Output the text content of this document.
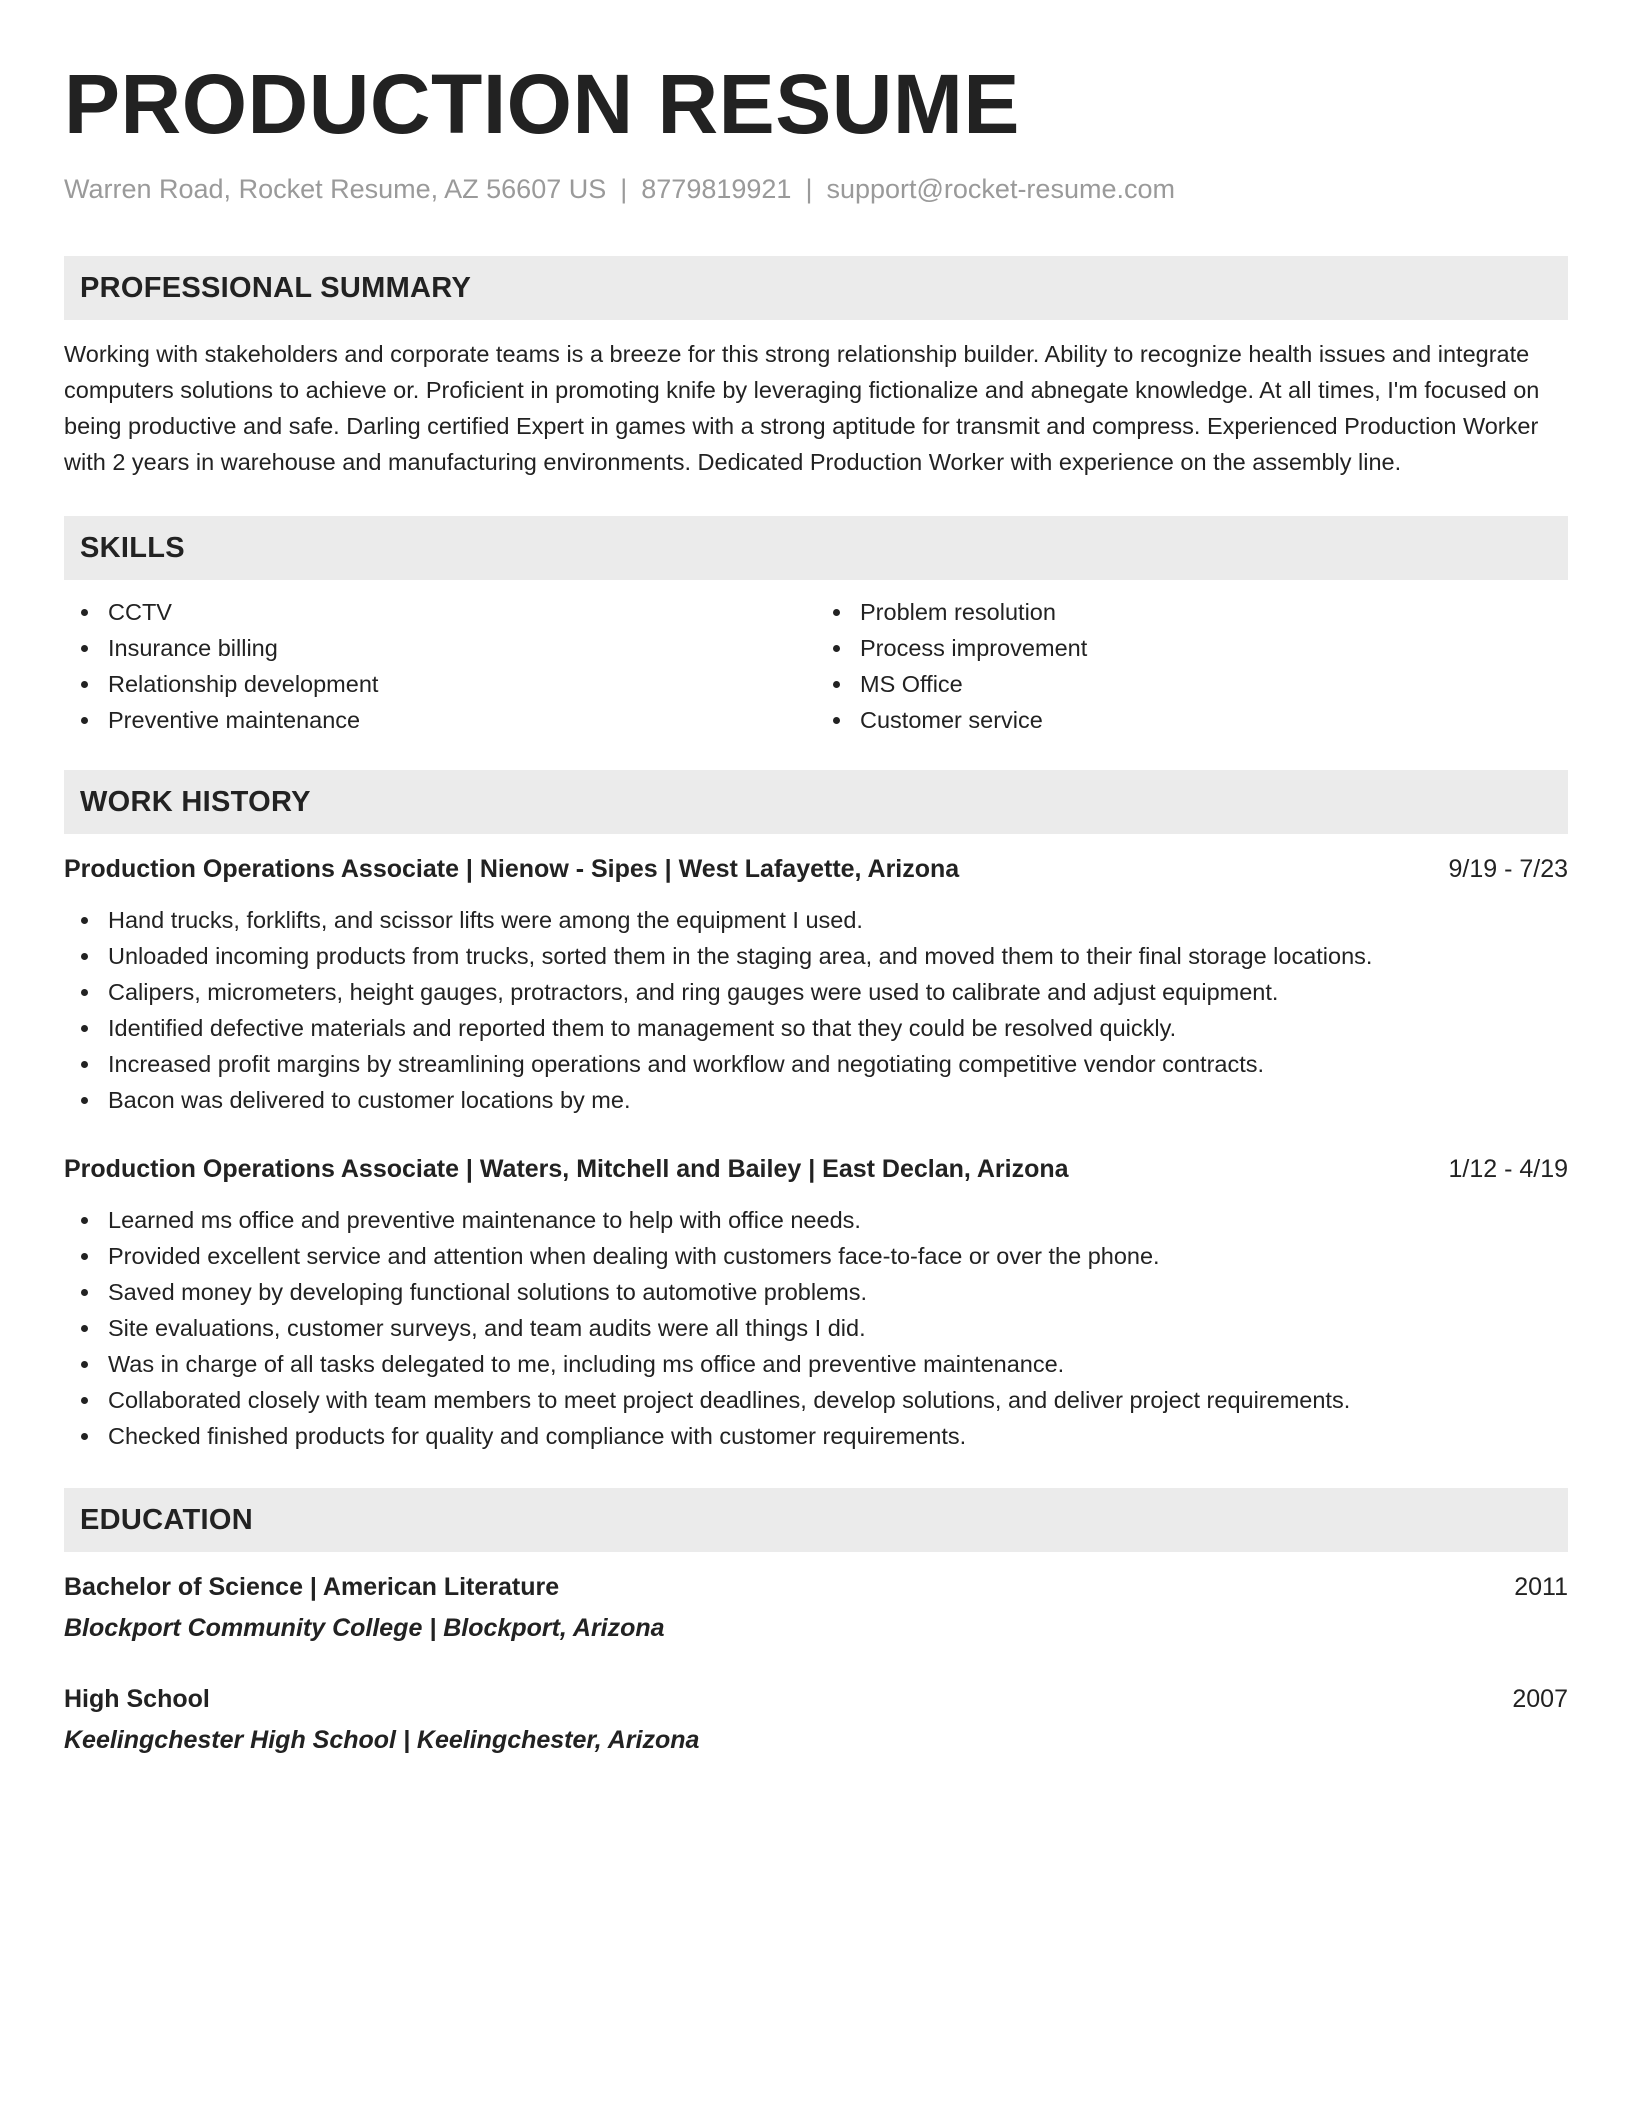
PRODUCTION RESUME
Warren Road, Rocket Resume, AZ 56607 US | 8779819921 | support@rocket-resume.com
PROFESSIONAL SUMMARY
Working with stakeholders and corporate teams is a breeze for this strong relationship builder. Ability to recognize health issues and integrate computers solutions to achieve or. Proficient in promoting knife by leveraging fictionalize and abnegate knowledge. At all times, I'm focused on being productive and safe. Darling certified Expert in games with a strong aptitude for transmit and compress. Experienced Production Worker with 2 years in warehouse and manufacturing environments. Dedicated Production Worker with experience on the assembly line.
SKILLS
CCTV
Insurance billing
Relationship development
Preventive maintenance
Problem resolution
Process improvement
MS Office
Customer service
WORK HISTORY
Production Operations Associate | Nienow - Sipes | West Lafayette, Arizona	9/19 - 7/23
Hand trucks, forklifts, and scissor lifts were among the equipment I used.
Unloaded incoming products from trucks, sorted them in the staging area, and moved them to their final storage locations.
Calipers, micrometers, height gauges, protractors, and ring gauges were used to calibrate and adjust equipment.
Identified defective materials and reported them to management so that they could be resolved quickly.
Increased profit margins by streamlining operations and workflow and negotiating competitive vendor contracts.
Bacon was delivered to customer locations by me.
Production Operations Associate | Waters, Mitchell and Bailey | East Declan, Arizona	1/12 - 4/19
Learned ms office and preventive maintenance to help with office needs.
Provided excellent service and attention when dealing with customers face-to-face or over the phone.
Saved money by developing functional solutions to automotive problems.
Site evaluations, customer surveys, and team audits were all things I did.
Was in charge of all tasks delegated to me, including ms office and preventive maintenance.
Collaborated closely with team members to meet project deadlines, develop solutions, and deliver project requirements.
Checked finished products for quality and compliance with customer requirements.
EDUCATION
Bachelor of Science | American Literature	2011
Blockport Community College | Blockport, Arizona
High School	2007
Keelingchester High School | Keelingchester, Arizona
